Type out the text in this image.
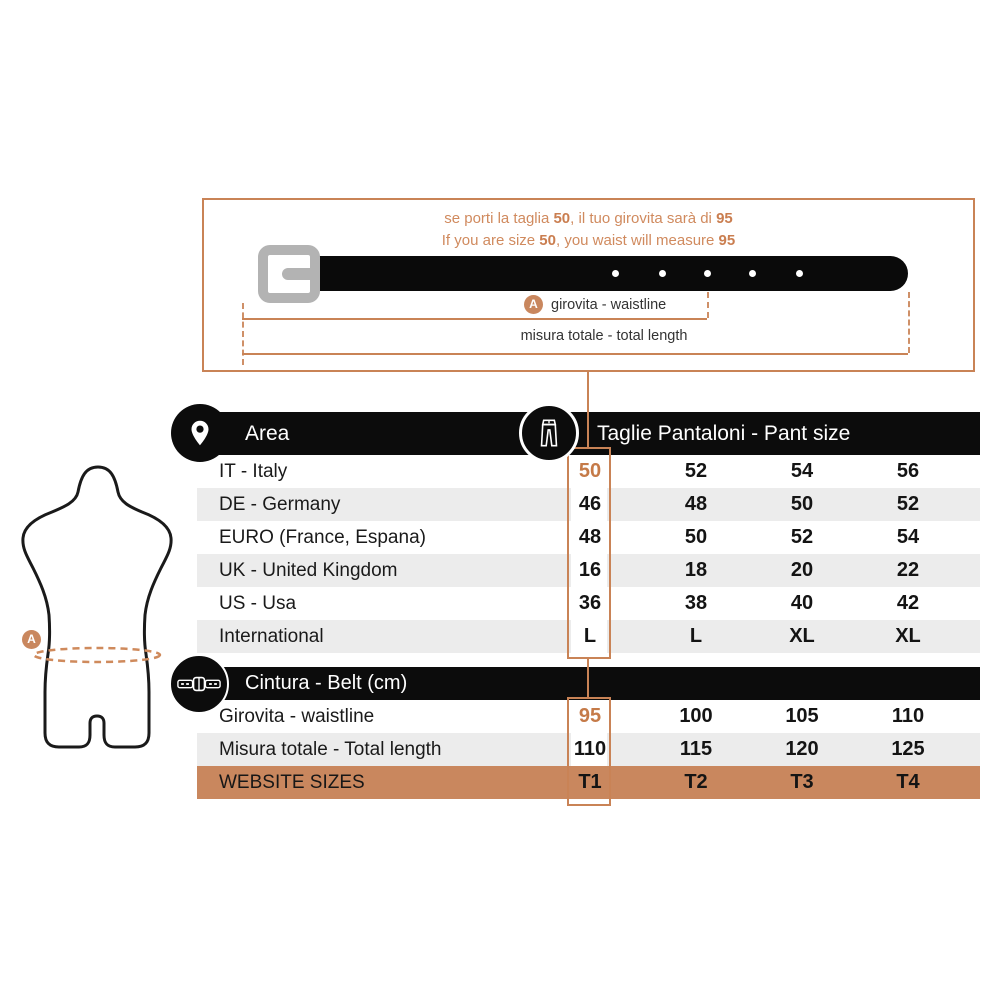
se porti la taglia 50, il tuo girovita sarà di 95
If you are size 50, you waist will measure 95
A girovita - waistline
misura totale - total length
A
Area	Taglie Pantaloni - Pant size
IT - Italy	50	52	54	56
DE - Germany	46	48	50	52
EURO (France, Espana)	48	50	52	54
UK - United Kingdom	16	18	20	22
US - Usa	36	38	40	42
International	L	L	XL	XL
Cintura - Belt (cm)
Girovita - waistline	95	100	105	110
Misura totale - Total length	110	115	120	125
WEBSITE SIZES	T1	T2	T3	T4
